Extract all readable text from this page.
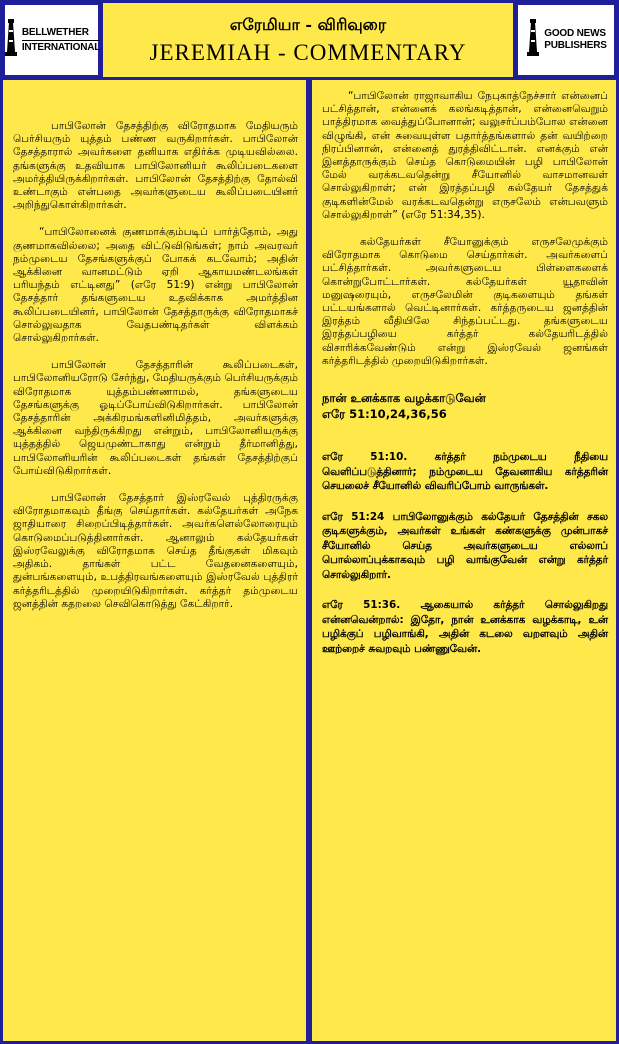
BELLWETHER
INTERNATIONAL
எரேமியா - விரிவுரை
JEREMIAH - COMMENTARY
GOOD NEWS
PUBLISHERS

பாபிலோன் தேசத்திற்கு விரோதமாக மேதியரும் பெர்சியரும் யுத்தம் பண்ண வருகிறார்கள். பாபிலோன் தேசத்தாரால் அவர்களை தனியாக எதிர்க்க முடியவில்லை. தங்களுக்கு உதவியாக பாபிலோனியர் கூலிப்படைகளை அமர்த்தியிருக்கிறார்கள். பாபிலோன் தேசத்திற்கு தோல்வி உண்டாகும் என்பதை அவர்களுடைய கூலிப்படையினர் அறிந்துகொள்கிறார்கள்.

“பாபிலோனைக் குணமாக்கும்படிப் பார்த்தோம், அது குணமாகவில்லை; அதை விட்டுவிடுங்கள்; நாம் அவரவர் நம்முடைய தேசங்களுக்குப் போகக் கடவோம்; அதின் ஆக்கினை வானமட்டும் ஏறி ஆகாயமண்டலங்கள் பரியந்தம் எட்டினது” (எரே 51:9) என்று பாபிலோன் தேசத்தார் தங்களுடைய உதவிக்காக அமர்த்தின கூலிப்படையினர், பாபிலோன் தேசத்தாருக்கு விரோதமாகச் சொல்லுவதாக வேதபண்டிதர்கள் விளக்கம் சொல்லுகிறார்கள்.

பாபிலோன் தேசத்தாரின் கூலிப்படைகள், பாபிலோனியரோடு சேர்ந்து, மேதியருக்கும் பெர்சியருக்கும் விரோதமாக யுத்தம்பண்ணாமல், தங்களுடைய தேசங்களுக்கு ஓடிப்போய்விடுகிறார்கள். பாபிலோன் தேசத்தாரின் அக்கிரமங்களினிமித்தம், அவர்களுக்கு ஆக்கினை வந்திருக்கிறது என்றும், பாபிலோனியருக்கு யுத்தத்தில் ஜெயமுண்டாகாது என்றும் தீர்மானித்து, பாபிலோனியரின் கூலிப்படைகள் தங்கள் தேசத்திற்குப் போய்விடுகிறார்கள்.

பாபிலோன் தேசத்தார் இஸ்ரவேல் புத்திரருக்கு விரோதமாகவும் தீங்கு செய்தார்கள். கல்தேயர்கள் அநேக ஜாதியாரை சிறைப்பிடித்தார்கள். அவர்களெல்லோரையும் கொடுமைப்படுத்தினார்கள். ஆனாலும் கல்தேயர்கள் இஸ்ரவேலுக்கு விரோதமாக செய்த தீங்குகள் மிகவும் அதிகம். தாங்கள் பட்ட வேதனைகளையும், துன்பங்களையும், உபத்திரவங்களையும் இஸ்ரவேல் புத்திரர் கர்த்தரிடத்தில் முறையிடுகிறார்கள். கர்த்தர் தம்முடைய ஜனத்தின் கதறலை செவிகொடுத்து கேட்கிறார்.

“பாபிலோன் ராஜாவாகிய நேபுகாத்நேச்சார் என்னைப் பட்சித்தான், என்னைக் கலங்கடித்தான், என்னைவெறும் பாத்திரமாக வைத்துப்போனான்; வலுசர்ப்பம்போல என்னை விழுங்கி, என் சுவையுள்ள பதார்த்தங்களால் தன் வயிற்றை நிரப்பினான், என்னைத் துரத்திவிட்டான். எனக்கும் என் இனத்தாருக்கும் செய்த கொடுமையின் பழி பாபிலோன் மேல் வரக்கடவதென்று சீயோனில் வாசமானவள் சொல்லுகிறாள்; என் இரத்தப்பழி கல்தேயர் தேசத்துக் குடிகளின்மேல் வரக்கடவதென்று எருசலேம் என்பவளும் சொல்லுகிறாள்” (எரே 51:34,35).

கல்தேயர்கள் சீயோனுக்கும் எருசலேமுக்கும் விரோதமாக கொடுமை செய்தார்கள். அவர்களைப் பட்சித்தார்கள். அவர்களுடைய பிள்ளைகளைக் கொன்றுபோட்டார்கள். கல்தேயர்கள் யூதாவின் மனுஷரையும், எருசலேமின் குடிகளையும் தங்கள் பட்டயங்களால் வெட்டினார்கள். கர்த்தருடைய ஜனத்தின் இரத்தம் வீதியிலே சிந்தப்பட்டது. தங்களுடைய இரத்தப்பழியை கர்த்தர் கல்தேயரிடத்தில் விசாரிக்கவேண்டும் என்று இஸ்ரவேல் ஜனங்கள் கர்த்தரிடத்தில் முறையிடுகிறார்கள்.

நான் உனக்காக வழக்காடுவேன்
எரே 51:10,24,36,56

எரே 51:10. கர்த்தர் நம்முடைய நீதியை வெளிப்படுத்தினார்; நம்முடைய தேவனாகிய கர்த்தரின் செயலைச் சீயோனில் விவரிப்போம் வாருங்கள்.

எரே 51:24 பாபிலோனுக்கும் கல்தேயர் தேசத்தின் சகல குடிகளுக்கும், அவர்கள் உங்கள் கண்களுக்கு முன்பாகச் சீயோனில் செய்த அவர்களுடைய எல்லாப் பொல்லாப்புக்காகவும் பழி வாங்குவேன் என்று கர்த்தர் சொல்லுகிறார்.

எரே 51:36. ஆகையால் கர்த்தர் சொல்லுகிறது என்னவென்றால்: இதோ, நான் உனக்காக வழக்காடி, உன் பழிக்குப் பழிவாங்கி, அதின் கடலை வறளவும் அதின் ஊற்றைச் சுவறவும் பண்ணுவேன்.
